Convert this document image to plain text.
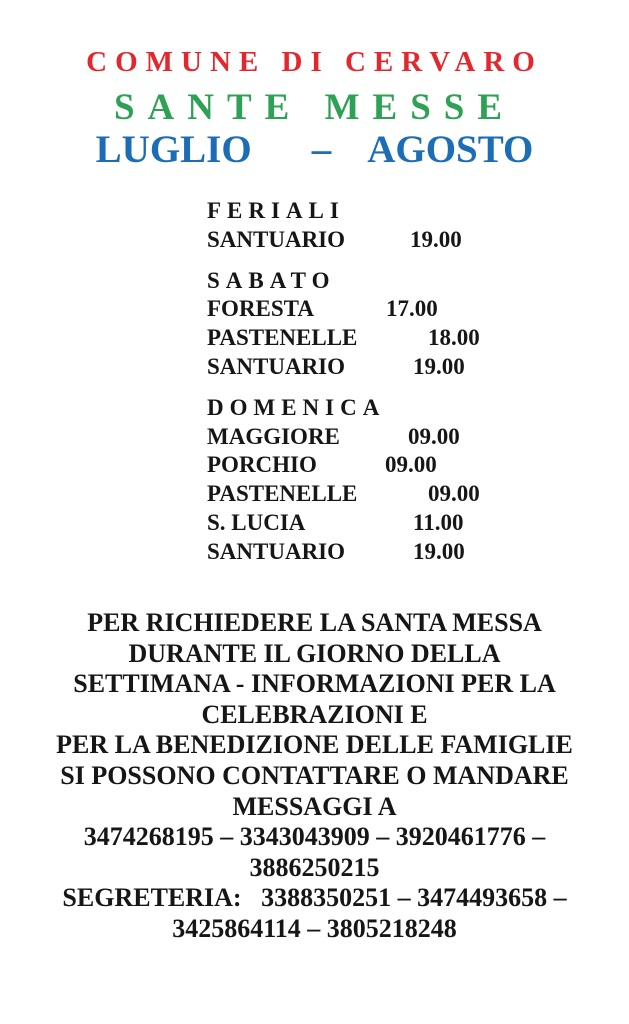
COMUNE DI CERVARO
SANTE MESSE
LUGLIO – AGOSTO
FERIALI
SANTUARIO	19.00
SABATO
FORESTA	17.00
PASTENELLE	18.00
SANTUARIO	19.00
DOMENICA
MAGGIORE	09.00
PORCHIO	09.00
PASTENELLE	09.00
S. LUCIA	11.00
SANTUARIO	19.00
PER RICHIEDERE LA SANTA MESSA
DURANTE IL GIORNO DELLA
SETTIMANA - INFORMAZIONI PER LA
CELEBRAZIONI E
PER LA BENEDIZIONE DELLE FAMIGLIE
SI POSSONO CONTATTARE O MANDARE
MESSAGGI A
3474268195 – 3343043909 – 3920461776 –
3886250215
SEGRETERIA:   3388350251 – 3474493658 –
3425864114 – 3805218248
